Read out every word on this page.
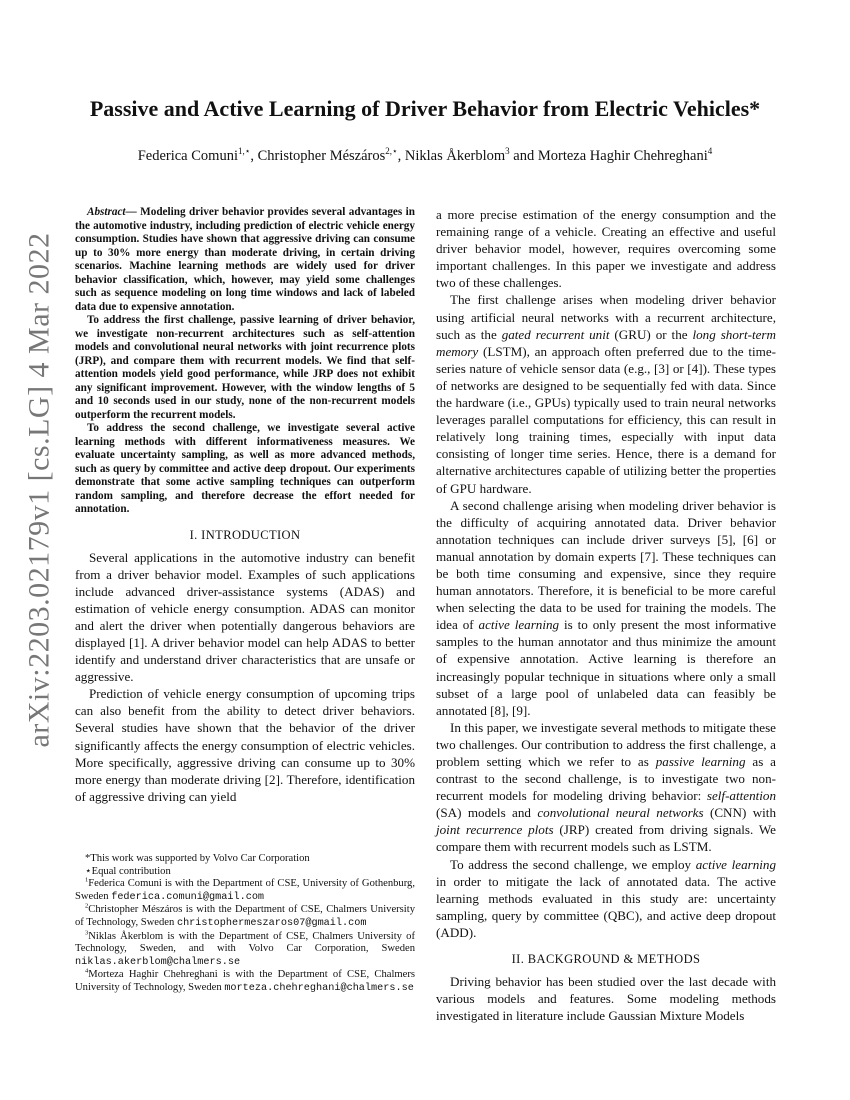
arXiv:2203.02179v1 [cs.LG] 4 Mar 2022
Passive and Active Learning of Driver Behavior from Electric Vehicles*
Federica Comuni$^{1,⋆}$, Christopher Mészáros$^{2,⋆}$, Niklas Åkerblom$^3$ and Morteza Haghir Chehreghani$^4$

Abstract— Modeling driver behavior provides several advantages in the automotive industry, including prediction of electric vehicle energy consumption. Studies have shown that aggressive driving can consume up to 30% more energy than moderate driving, in certain driving scenarios. Machine learning methods are widely used for driver behavior classification, which, however, may yield some challenges such as sequence modeling on long time windows and lack of labeled data due to expensive annotation.

To address the first challenge, passive learning of driver behavior, we investigate non-recurrent architectures such as self-attention models and convolutional neural networks with joint recurrence plots (JRP), and compare them with recurrent models. We find that self-attention models yield good performance, while JRP does not exhibit any significant improvement. However, with the window lengths of 5 and 10 seconds used in our study, none of the non-recurrent models outperform the recurrent models.

To address the second challenge, we investigate several active learning methods with different informativeness measures. We evaluate uncertainty sampling, as well as more advanced methods, such as query by committee and active deep dropout. Our experiments demonstrate that some active sampling techniques can outperform random sampling, and therefore decrease the effort needed for annotation.

I. INTRODUCTION

Several applications in the automotive industry can benefit from a driver behavior model. Examples of such applications include advanced driver-assistance systems (ADAS) and estimation of vehicle energy consumption. ADAS can monitor and alert the driver when potentially dangerous behaviors are displayed [1]. A driver behavior model can help ADAS to better identify and understand driver characteristics that are unsafe or aggressive.

Prediction of vehicle energy consumption of upcoming trips can also benefit from the ability to detect driver behaviors. Several studies have shown that the behavior of the driver significantly affects the energy consumption of electric vehicles. More specifically, aggressive driving can consume up to 30% more energy than moderate driving [2]. Therefore, identification of aggressive driving can yield

*This work was supported by Volvo Car Corporation

⋆Equal contribution

$^1$Federica Comuni is with the Department of CSE, University of Gothenburg, Sweden federica.comuni@gmail.com

$^2$Christopher Mészáros is with the Department of CSE, Chalmers University of Technology, Sweden christophermeszaros07@gmail.com

$^3$Niklas Åkerblom is with the Department of CSE, Chalmers University of Technology, Sweden, and with Volvo Car Corporation, Sweden niklas.akerblom@chalmers.se

$^4$Morteza Haghir Chehreghani is with the Department of CSE, Chalmers University of Technology, Sweden morteza.chehreghani@chalmers.se

a more precise estimation of the energy consumption and the remaining range of a vehicle. Creating an effective and useful driver behavior model, however, requires overcoming some important challenges. In this paper we investigate and address two of these challenges.

The first challenge arises when modeling driver behavior using artificial neural networks with a recurrent architecture, such as the gated recurrent unit (GRU) or the long short-term memory (LSTM), an approach often preferred due to the time-series nature of vehicle sensor data (e.g., [3] or [4]). These types of networks are designed to be sequentially fed with data. Since the hardware (i.e., GPUs) typically used to train neural networks leverages parallel computations for efficiency, this can result in relatively long training times, especially with input data consisting of longer time series. Hence, there is a demand for alternative architectures capable of utilizing better the properties of GPU hardware.

A second challenge arising when modeling driver behavior is the difficulty of acquiring annotated data. Driver behavior annotation techniques can include driver surveys [5], [6] or manual annotation by domain experts [7]. These techniques can be both time consuming and expensive, since they require human annotators. Therefore, it is beneficial to be more careful when selecting the data to be used for training the models. The idea of active learning is to only present the most informative samples to the human annotator and thus minimize the amount of expensive annotation. Active learning is therefore an increasingly popular technique in situations where only a small subset of a large pool of unlabeled data can feasibly be annotated [8], [9].

In this paper, we investigate several methods to mitigate these two challenges. Our contribution to address the first challenge, a problem setting which we refer to as passive learning as a contrast to the second challenge, is to investigate two non-recurrent models for modeling driving behavior: self-attention (SA) models and convolutional neural networks (CNN) with joint recurrence plots (JRP) created from driving signals. We compare them with recurrent models such as LSTM.

To address the second challenge, we employ active learning in order to mitigate the lack of annotated data. The active learning methods evaluated in this study are: uncertainty sampling, query by committee (QBC), and active deep dropout (ADD).

II. BACKGROUND & METHODS

Driving behavior has been studied over the last decade with various models and features. Some modeling methods investigated in literature include Gaussian Mixture Models
